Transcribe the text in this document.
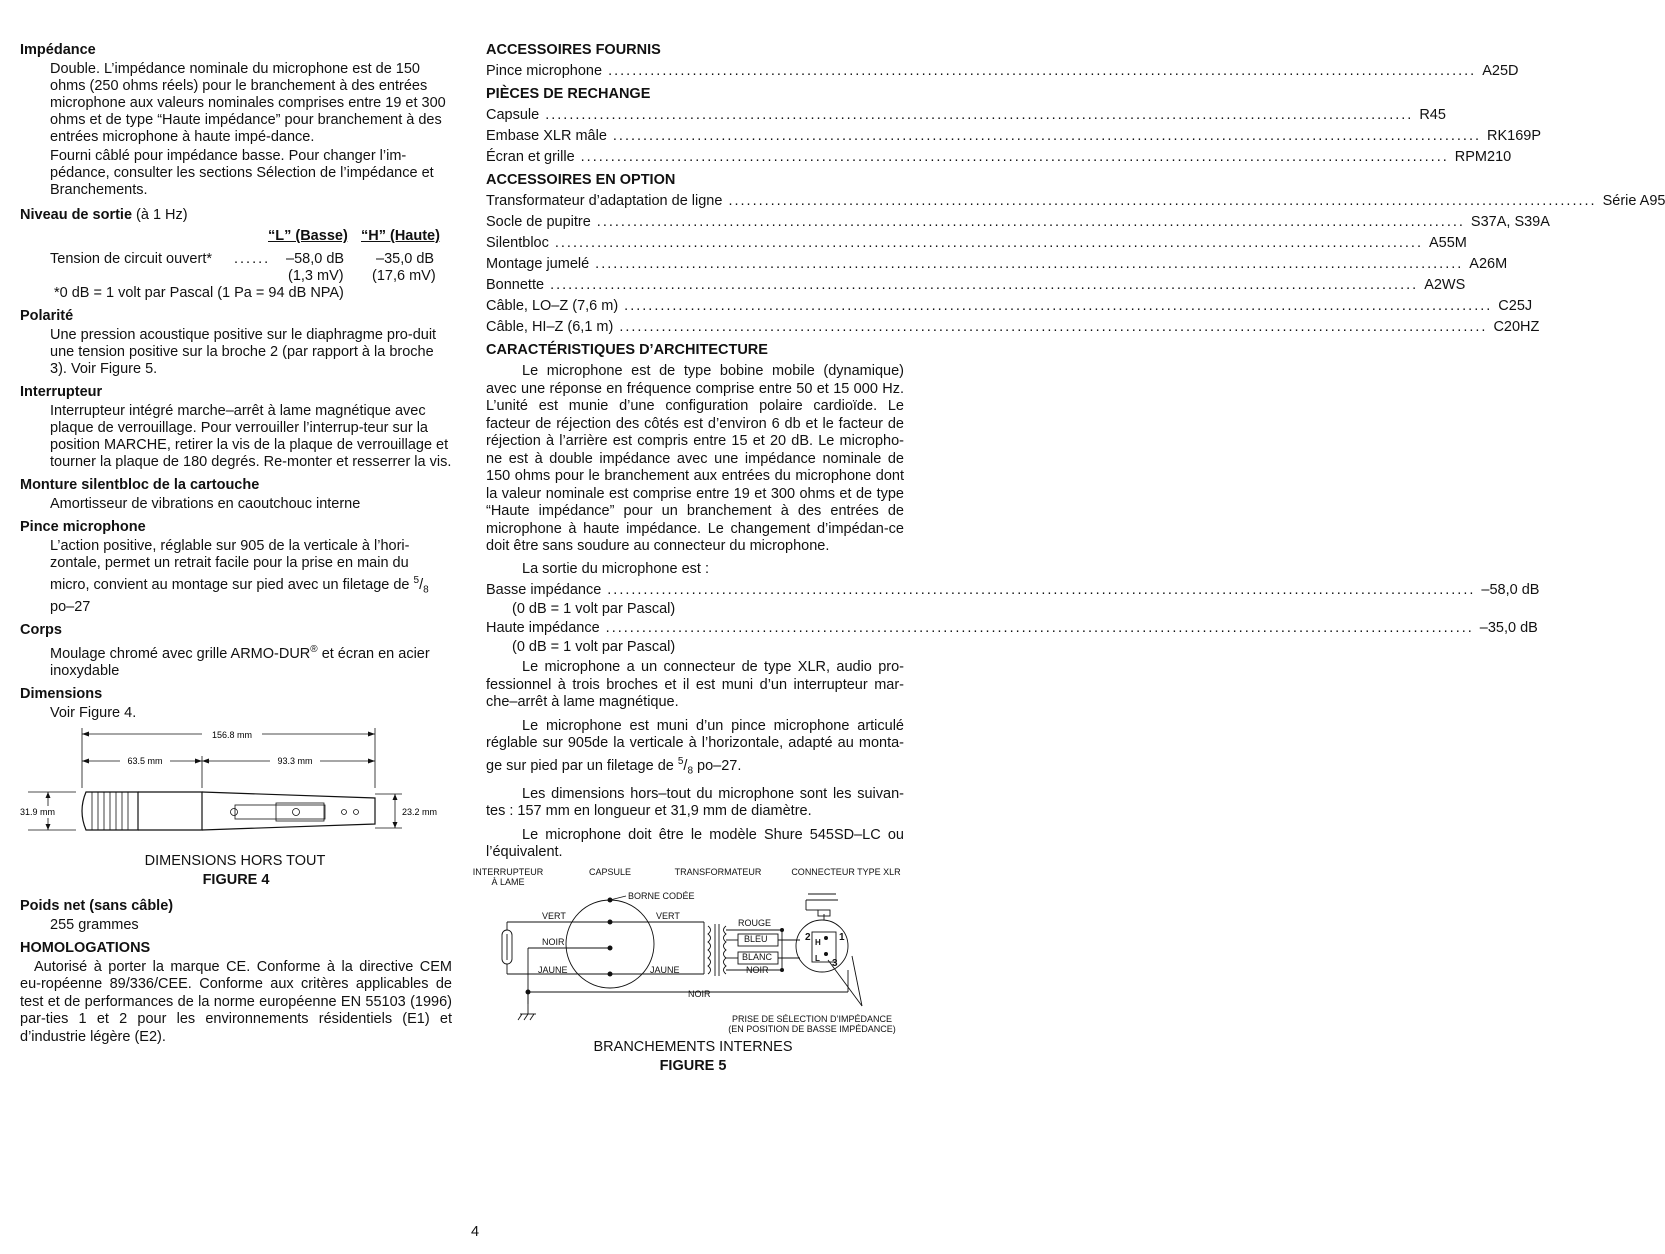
Impédance
Double. L’impédance nominale du microphone est de 150 ohms (250 ohms réels) pour le branchement à des entrées microphone aux valeurs nominales comprises entre 19 et 300 ohms et de type “Haute impédance” pour branchement à des entrées microphone à haute impé-dance.
Fourni câblé pour impédance basse. Pour changer l’im-pédance, consulter les sections Sélection de l’impédance et Branchements.
Niveau de sortie (à 1 Hz)
“L” (Basse) “H” (Haute)
Tension de circuit ouvert* ...... –58,0 dB –35,0 dB
(1,3 mV) (17,6 mV)
*0 dB = 1 volt par Pascal (1 Pa = 94 dB NPA)
Polarité
Une pression acoustique positive sur le diaphragme pro-duit une tension positive sur la broche 2 (par rapport à la broche 3). Voir Figure 5.
Interrupteur
Interrupteur intégré marche–arrêt à lame magnétique avec plaque de verrouillage. Pour verrouiller l’interrup-teur sur la position MARCHE, retirer la vis de la plaque de verrouillage et tourner la plaque de 180 degrés. Re-monter et resserrer la vis.
Monture silentbloc de la cartouche
Amortisseur de vibrations en caoutchouc interne
Pince microphone
L’action positive, réglable sur 905 de la verticale à l’hori-zontale, permet un retrait facile pour la prise en main du micro, convient au montage sur pied avec un filetage de $^5/_8$ po–27
Corps
Moulage chromé avec grille ARMO-DUR® et écran en acier inoxydable
Dimensions
Voir Figure 4.
156.8 mm
63.5 mm	93.3 mm
31.9 mm	23.2 mm
DIMENSIONS HORS TOUT
FIGURE 4
Poids net (sans câble)
255 grammes
HOMOLOGATIONS
Autorisé à porter la marque CE. Conforme à la directive CEM eu-ropéenne 89/336/CEE. Conforme aux critères applicables de test et de performances de la norme européenne EN 55103 (1996) par-ties 1 et 2 pour les environnements résidentiels (E1) et d’industrie légère (E2).
ACCESSOIRES FOURNIS
Pince microphone .....	A25D
PIÈCES DE RECHANGE
Capsule .....	R45
Embase XLR mâle .....	RK169P
Écran et grille .....	RPM210
ACCESSOIRES EN OPTION
Transformateur d’adaptation de ligne .....	Série A95
Socle de pupitre .....	S37A, S39A
Silentbloc .....	A55M
Montage jumelé .....	A26M
Bonnette .....	A2WS
Câble, LO–Z (7,6 m) .....	C25J
Câble, HI–Z (6,1 m) .....	C20HZ
CARACTÉRISTIQUES D’ARCHITECTURE
Le microphone est de type bobine mobile (dynamique) avec une réponse en fréquence comprise entre 50 et 15 000 Hz. L’unité est munie d’une configuration polaire cardioïde. Le facteur de réjection des côtés est d’environ 6 db et le facteur de réjection à l’arrière est compris entre 15 et 20 dB. Le micropho-ne est à double impédance avec une impédance nominale de 150 ohms pour le branchement aux entrées du microphone dont la valeur nominale est comprise entre 19 et 300 ohms et de type “Haute impédance” pour un branchement à des entrées de microphone à haute impédance. Le changement d’impédan-ce doit être sans soudure au connecteur du microphone.
La sortie du microphone est :
Basse impédance .....	–58,0 dB
(0 dB = 1 volt par Pascal)
Haute impédance .....	–35,0 dB
(0 dB = 1 volt par Pascal)
Le microphone a un connecteur de type XLR, audio pro-fessionnel à trois broches et il est muni d’un interrupteur mar-che–arrêt à lame magnétique.
Le microphone est muni d’un pince microphone articulé réglable sur 905de la verticale à l’horizontale, adapté au monta-ge sur pied par un filetage de $^5/_8$ po–27.
Les dimensions hors–tout du microphone sont les suivan-tes : 157 mm en longueur et 31,9 mm de diamètre.
Le microphone doit être le modèle Shure 545SD–LC ou l’équivalent.
INTERRUPTEUR
À LAME
CAPSULE	TRANSFORMATEUR	CONNECTEUR TYPE XLR
BORNE CODÉE
VERT	VERT
NOIR
JAUNE	JAUNE
ROUGE
BLEU
BLANC
NOIR
NOIR
1
2
3
H
L
PRISE DE SÉLECTION D’IMPÉDANCE
(EN POSITION DE BASSE IMPÉDANCE)
BRANCHEMENTS INTERNES
FIGURE 5
4
